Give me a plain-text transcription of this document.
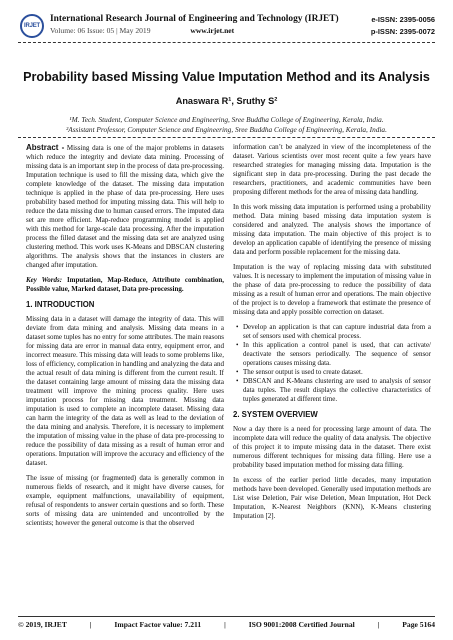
IRJET
International Research Journal of Engineering and Technology (IRJET)
Volume: 06 Issue: 05 | May 2019	www.irjet.net
e-ISSN: 2395-0056
p-ISSN: 2395-0072
Probability based Missing Value Imputation Method and its Analysis
Anaswara R¹, Sruthy S²
¹M. Tech. Student, Computer Science and Engineering, Sree Buddha College of Engineering, Kerala, India.
²Assistant Professor, Computer Science and Engineering, Sree Buddha College of Engineering, Kerala, India.

Abstract - Missing data is one of the major problems in datasets which reduce the integrity and deviate data mining. Processing of missing data is an important step in the process of data pre-processing. Imputation technique is used to fill the missing data, which give the complete knowledge of the dataset. The missing data imputation technique is applied in the phase of data pre-processing. Here uses probability based method for imputing missing data. This will help to reduce the data missing due to human caused errors. The imputed data set are more efficient. Map-reduce programming model is applied with this method for large-scale data processing. After the imputation process the filled dataset and the missing data set are analyzed using clustering method. This work uses K-Means and DBSCAN clustering algorithms. The analysis shows that the instances in clusters are changed after imputation.

Key Words: Imputation, Map-Reduce, Attribute combination, Possible value, Marked dataset, Data pre-processing.

1. INTRODUCTION

Missing data in a dataset will damage the integrity of data. This will deviate from data mining and analysis. Missing data means in a dataset some tuples has no entry for some attributes. The main reasons for missing data are error in manual data entry, equipment error, and incorrect measure. This missing data will leads to some problems like, loss of efficiency, complication in handling and analyzing the data and the actual result of data mining is different from the current result. If the dataset containing large amount of missing data the missing data treatment will improve the mining process quality. Here uses imputation process for missing data treatment. Missing data imputation is used to complete an incomplete dataset. Missing data can harm the integrity of the data as well as lead to the deviation of the data mining and analysis. Therefore, it is necessary to implement the imputation of missing value in the phase of data pre-processing to reduce the possibility of data missing as a result of human error and operations. Imputation will improve the accuracy and efficiency of the dataset.

The issue of missing (or fragmented) data is generally common in numerous fields of research, and it might have diverse causes, for example, equipment malfunctions, unavailability of equipment, refusal of respondents to answer certain questions and so forth. These sorts of missing data are unintended and uncontrolled by the scientists; however the general outcome is that the observed

information can’t be analyzed in view of the incompleteness of the dataset. Various scientists over most recent quite a few years have researched strategies for managing missing data. Imputation is the significant step in data pre-processing. During the past decade the researchers, practitioners, and academic communities have been proposing different methods for the area of missing data handling.

In this work missing data imputation is performed using a probability method. Data mining based missing data imputation system is considered and analyzed. The analysis shows the importance of missing data imputation. The main objective of this project is to develop an application capable of identifying the presence of missing data and perform possible replacement for the missing data.

Imputation is the way of replacing missing data with substituted values. It is necessary to implement the imputation of missing value in the phase of data pre-processing to reduce the possibility of data missing as a result of human error and operations. The main objective of the project is to develop a framework that estimate the presence of missing data and apply possible correction on dataset.

• Develop an application is that can capture industrial data from a set of sensors used with chemical process.
• In this application a control panel is used, that can activate/ deactivate the sensors periodically. The sequence of sensor operations causes missing data.
• The sensor output is used to create dataset.
• DBSCAN and K-Means clustering are used to analysis of sensor data tuples. The result displays the collective characteristics of tuples generated at different time.
2. SYSTEM OVERVIEW

Now a day there is a need for processing large amount of data. The incomplete data will reduce the quality of data analysis. The objective of this project it to impute missing data in the dataset. There exist numerous different techniques for missing data filling. Here use a probability based imputation method for missing data filling.

In excess of the earlier period little decades, many imputation methods have been developed. Generally used imputation methods are List wise Deletion, Pair wise Deletion, Mean Imputation, Hot Deck Imputation, K-Nearest Neighbors (KNN), K-Means clustering Imputation [2].

© 2019, IRJET	|	Impact Factor value: 7.211	|	ISO 9001:2008 Certified Journal	|	Page 5164
